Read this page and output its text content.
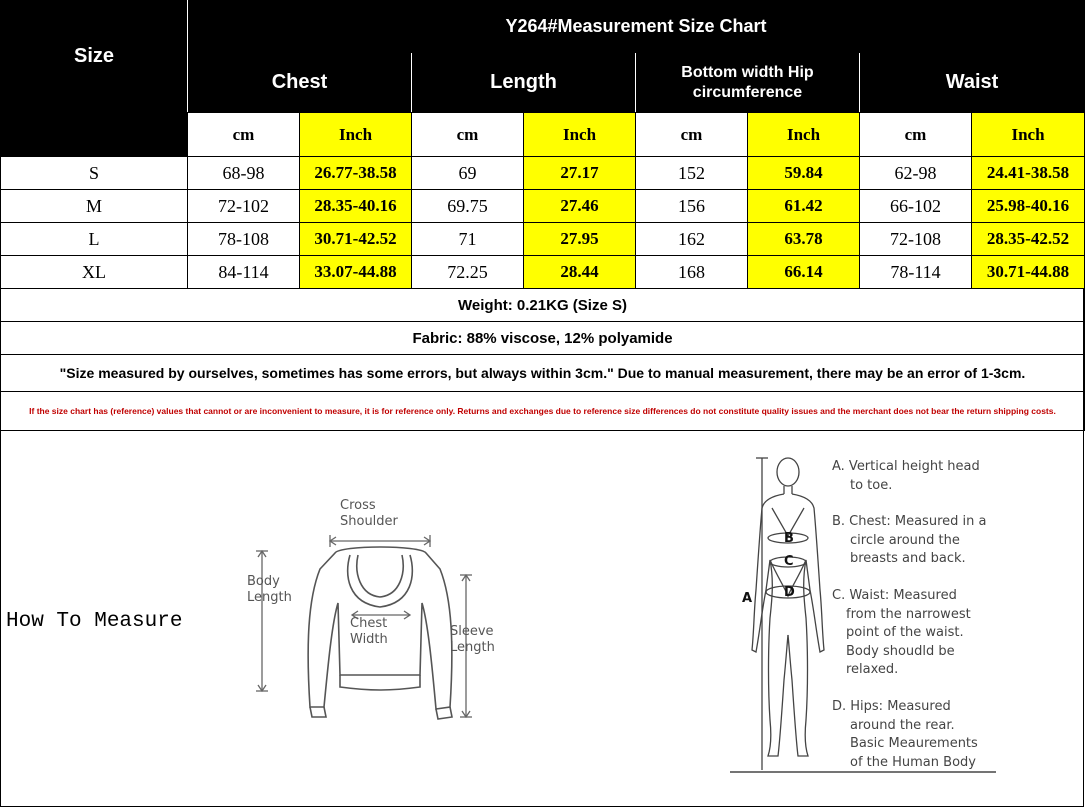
Size	Y264#Measurement Size Chart							
	Chest		Length		Bottom width Hip circumference		Waist	
	cm	Inch	cm	Inch	cm	Inch	cm	Inch
S	68-98	26.77-38.58	69	27.17	152	59.84	62-98	24.41-38.58
M	72-102	28.35-40.16	69.75	27.46	156	61.42	66-102	25.98-40.16
L	78-108	30.71-42.52	71	27.95	162	63.78	72-108	28.35-42.52
XL	84-114	33.07-44.88	72.25	28.44	168	66.14	78-114	30.71-44.88
Weight: 0.21KG (Size S)								
Fabric: 88% viscose, 12% polyamide								
"Size measured by ourselves, sometimes has some errors, but always within 3cm." Due to manual measurement, there may be an error of 1-3cm.								
If the size chart has (reference) values that cannot or are inconvenient to measure, it is for reference only. Returns and exchanges due to reference size differences do not constitute quality issues and the merchant does not bear the return shipping costs.								
How To Measure
Cross
Shoulder
Body
Length
Chest
Width
Sleeve
Length
A
B
C
D
A. Vertical height head
to toe.
B. Chest: Measured in a
circle around the
breasts and back.
C. Waist: Measured
from the narrowest
point of the waist.
Body shoudld be
relaxed.
D. Hips: Measured
around the rear.
Basic Meaurements
of the Human Body
